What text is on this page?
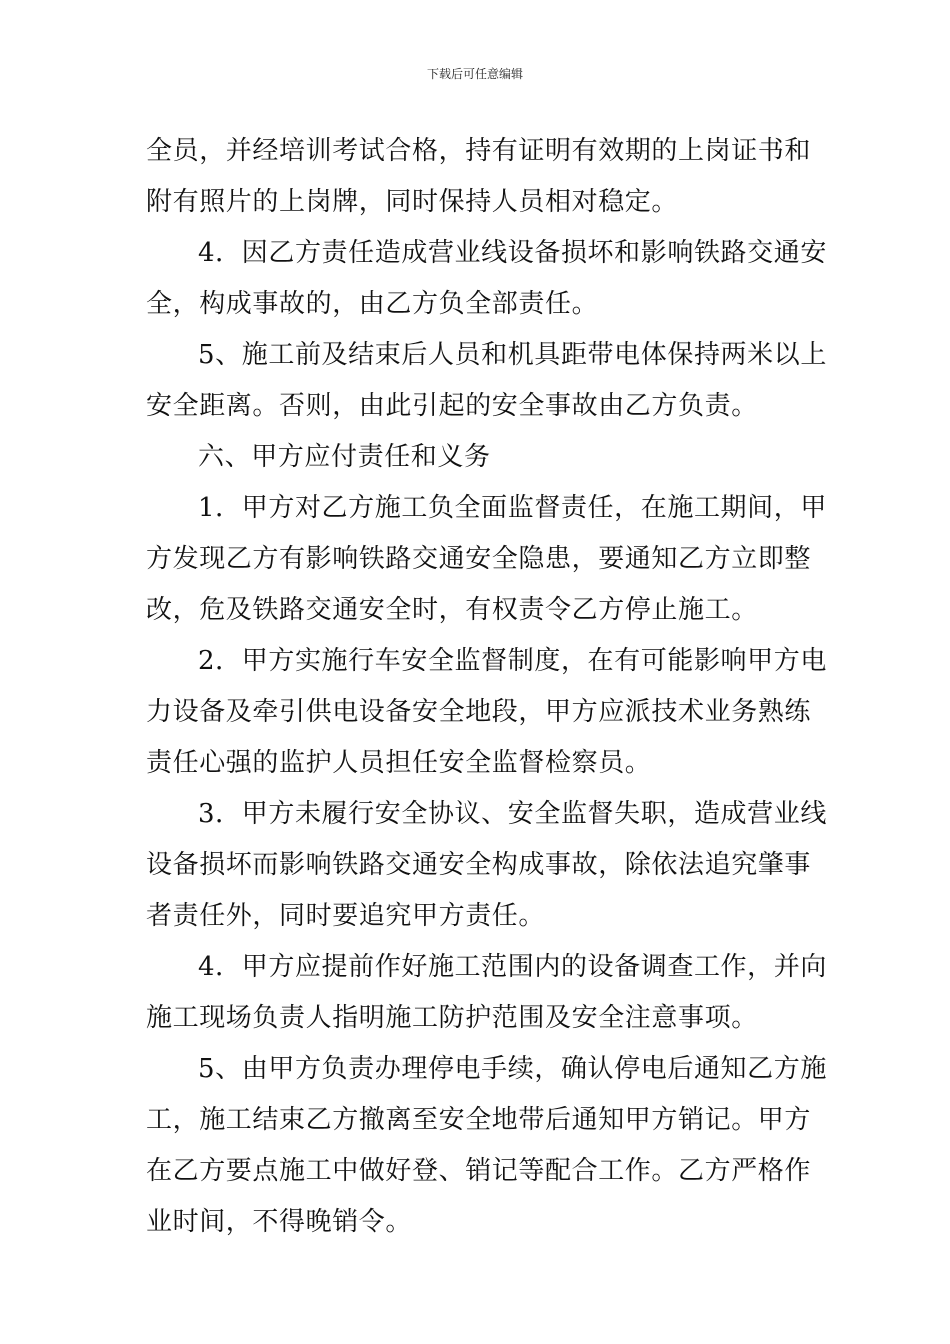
下载后可任意编辑
全员，并经培训考试合格，持有证明有效期的上岗证书和
附有照片的上岗牌，同时保持人员相对稳定。
4．因乙方责任造成营业线设备损坏和影响铁路交通安
全，构成事故的，由乙方负全部责任。
5、施工前及结束后人员和机具距带电体保持两米以上
安全距离。否则，由此引起的安全事故由乙方负责。
六、甲方应付责任和义务
1．甲方对乙方施工负全面监督责任，在施工期间，甲
方发现乙方有影响铁路交通安全隐患，要通知乙方立即整
改，危及铁路交通安全时，有权责令乙方停止施工。
2．甲方实施行车安全监督制度，在有可能影响甲方电
力设备及牵引供电设备安全地段，甲方应派技术业务熟练
责任心强的监护人员担任安全监督检察员。
3．甲方未履行安全协议、安全监督失职，造成营业线
设备损坏而影响铁路交通安全构成事故，除依法追究肇事
者责任外，同时要追究甲方责任。
4．甲方应提前作好施工范围内的设备调查工作，并向
施工现场负责人指明施工防护范围及安全注意事项。
5、由甲方负责办理停电手续，确认停电后通知乙方施
工，施工结束乙方撤离至安全地带后通知甲方销记。甲方
在乙方要点施工中做好登、销记等配合工作。乙方严格作
业时间，不得晚销令。
